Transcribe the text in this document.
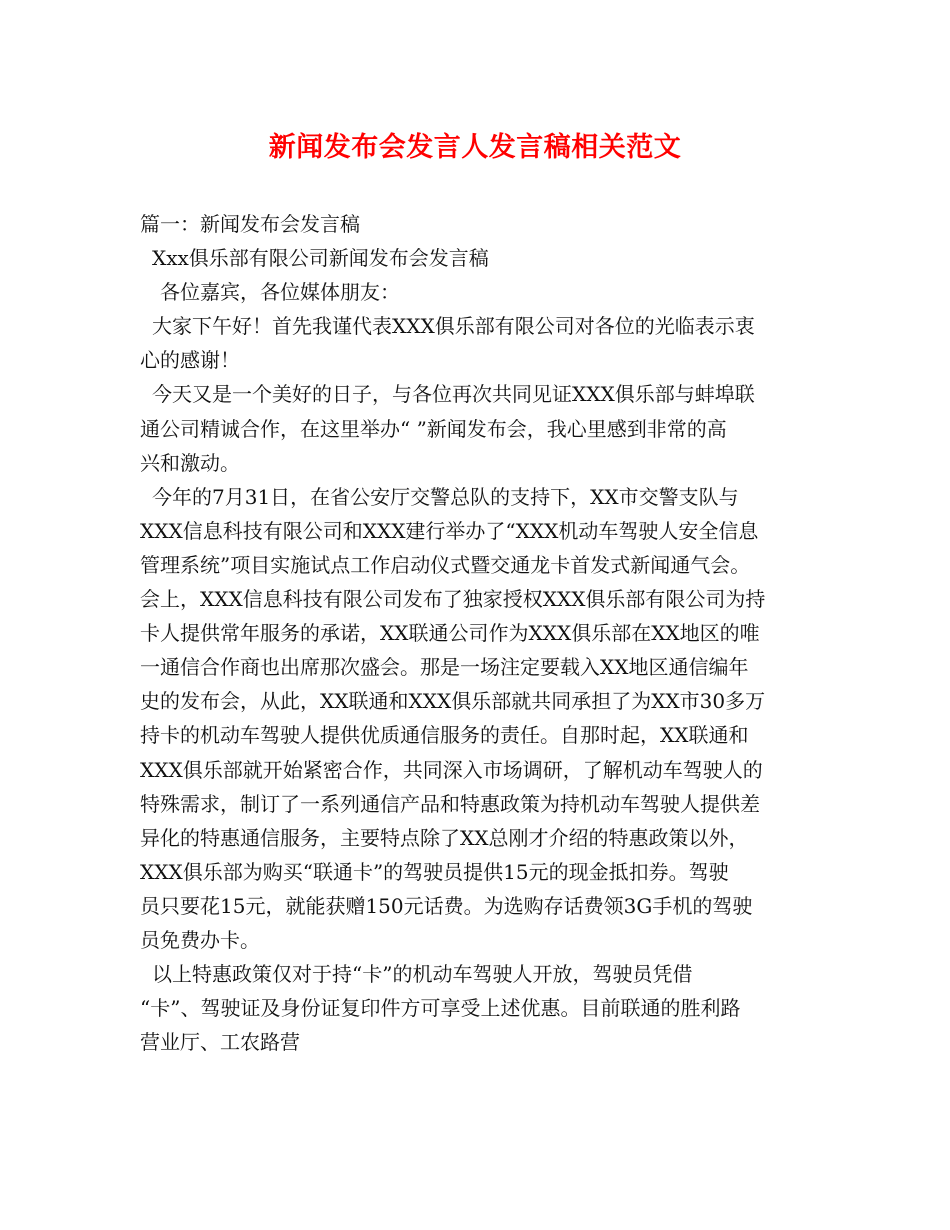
新闻发布会发言人发言稿相关范文
篇一：新闻发布会发言稿
Xxx俱乐部有限公司新闻发布会发言稿
各位嘉宾，各位媒体朋友：
大家下午好！首先我谨代表XXX俱乐部有限公司对各位的光临表示衷
心的感谢！
今天又是一个美好的日子，与各位再次共同见证XXX俱乐部与蚌埠联
通公司精诚合作，在这里举办“ ”新闻发布会，我心里感到非常的高
兴和激动。
今年的7月31日，在省公安厅交警总队的支持下，XX市交警支队与
XXX信息科技有限公司和XXX建行举办了“XXX机动车驾驶人安全信息
管理系统”项目实施试点工作启动仪式暨交通龙卡首发式新闻通气会。
会上，XXX信息科技有限公司发布了独家授权XXX俱乐部有限公司为持
卡人提供常年服务的承诺，XX联通公司作为XXX俱乐部在XX地区的唯
一通信合作商也出席那次盛会。那是一场注定要载入XX地区通信编年
史的发布会，从此，XX联通和XXX俱乐部就共同承担了为XX市30多万
持卡的机动车驾驶人提供优质通信服务的责任。自那时起，XX联通和
XXX俱乐部就开始紧密合作，共同深入市场调研，了解机动车驾驶人的
特殊需求，制订了一系列通信产品和特惠政策为持机动车驾驶人提供差
异化的特惠通信服务，主要特点除了XX总刚才介绍的特惠政策以外，
XXX俱乐部为购买“联通卡”的驾驶员提供15元的现金抵扣券。驾驶
员只要花15元，就能获赠150元话费。为选购存话费领3G手机的驾驶
员免费办卡。
以上特惠政策仅对于持“卡”的机动车驾驶人开放，驾驶员凭借
“卡”、驾驶证及身份证复印件方可享受上述优惠。目前联通的胜利路
营业厅、工农路营
